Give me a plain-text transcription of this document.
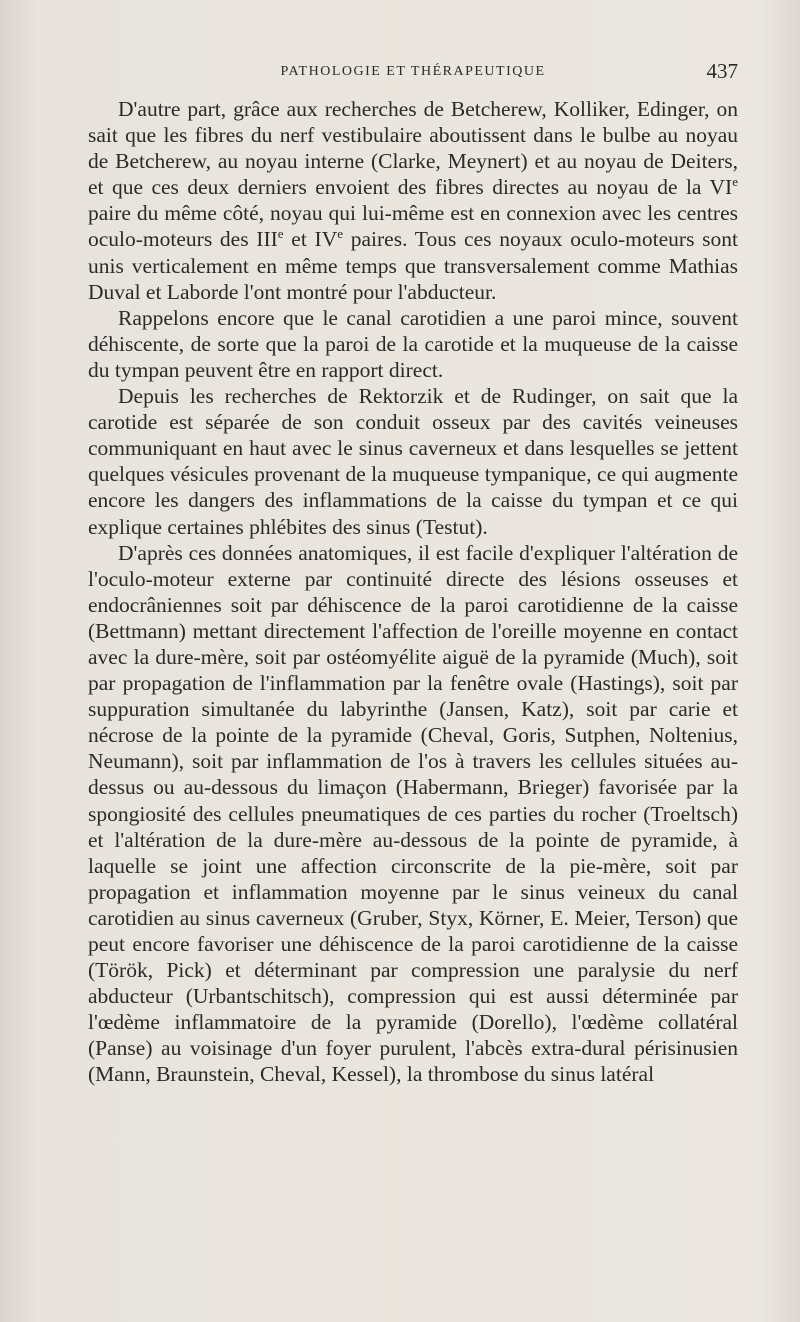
PATHOLOGIE ET THÉRAPEUTIQUE	437

D'autre part, grâce aux recherches de Betcherew, Kolliker, Edinger, on sait que les fibres du nerf vestibulaire aboutissent dans le bulbe au noyau de Betcherew, au noyau interne (Clarke, Meynert) et au noyau de Deiters, et que ces deux derniers envoient des fibres directes au noyau de la VIe paire du même côté, noyau qui lui-même est en connexion avec les centres oculo-moteurs des IIIe et IVe paires. Tous ces noyaux oculo-moteurs sont unis verticalement en même temps que transversalement comme Mathias Duval et Laborde l'ont montré pour l'abducteur.

Rappelons encore que le canal carotidien a une paroi mince, souvent déhiscente, de sorte que la paroi de la carotide et la muqueuse de la caisse du tympan peuvent être en rapport direct.

Depuis les recherches de Rektorzik et de Rudinger, on sait que la carotide est séparée de son conduit osseux par des cavités veineuses communiquant en haut avec le sinus caverneux et dans lesquelles se jettent quelques vésicules provenant de la muqueuse tympanique, ce qui augmente encore les dangers des inflammations de la caisse du tympan et ce qui explique certaines phlébites des sinus (Testut).

D'après ces données anatomiques, il est facile d'expliquer l'altération de l'oculo-moteur externe par continuité directe des lésions osseuses et endocrâniennes soit par déhiscence de la paroi carotidienne de la caisse (Bettmann) mettant directement l'affection de l'oreille moyenne en contact avec la dure-mère, soit par ostéomyélite aiguë de la pyramide (Much), soit par propagation de l'inflammation par la fenêtre ovale (Hastings), soit par suppuration simultanée du labyrinthe (Jansen, Katz), soit par carie et nécrose de la pointe de la pyramide (Cheval, Goris, Sutphen, Noltenius, Neumann), soit par inflammation de l'os à travers les cellules situées au-dessus ou au-dessous du limaçon (Habermann, Brieger) favorisée par la spongiosité des cellules pneumatiques de ces parties du rocher (Troeltsch) et l'altération de la dure-mère au-dessous de la pointe de pyramide, à laquelle se joint une affection circonscrite de la pie-mère, soit par propagation et inflammation moyenne par le sinus veineux du canal carotidien au sinus caverneux (Gruber, Styx, Körner, E. Meier, Terson) que peut encore favoriser une déhiscence de la paroi carotidienne de la caisse (Török, Pick) et déterminant par compression une paralysie du nerf abducteur (Urbantschitsch), compression qui est aussi déterminée par l'œdème inflammatoire de la pyramide (Dorello), l'œdème collatéral (Panse) au voisinage d'un foyer purulent, l'abcès extra-dural périsinusien (Mann, Braunstein, Cheval, Kessel), la thrombose du sinus latéral
